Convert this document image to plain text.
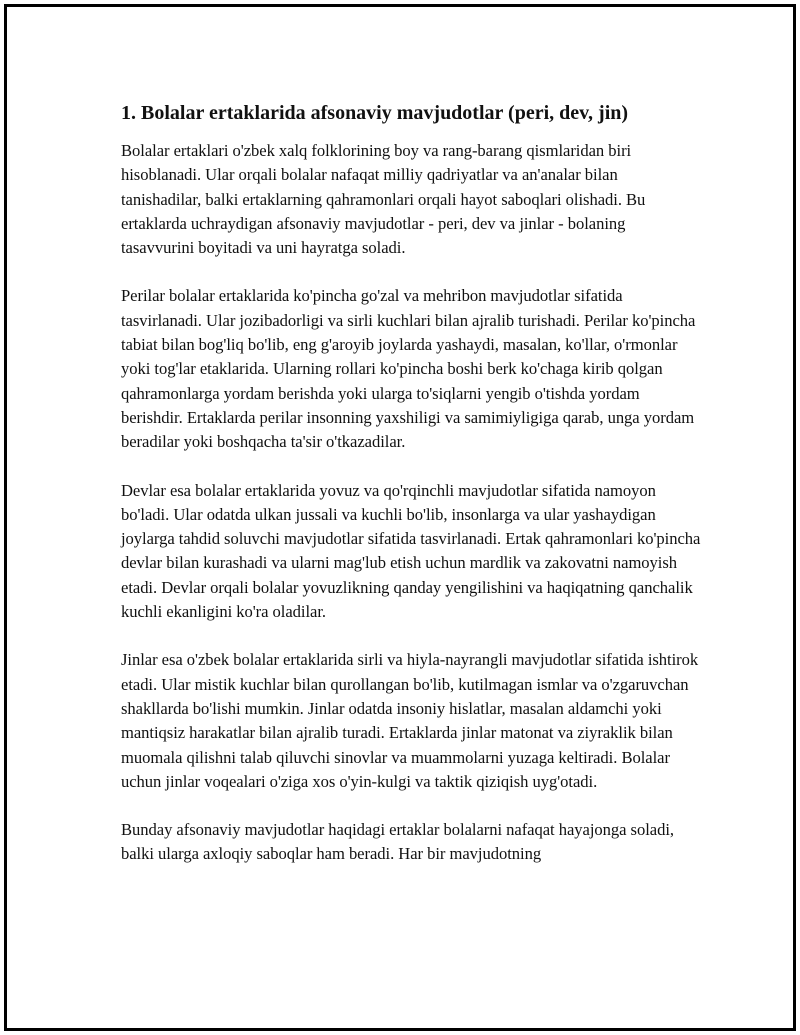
1. Bolalar ertaklarida afsonaviy mavjudotlar (peri, dev, jin)

Bolalar ertaklari o'zbek xalq folklorining boy va rang-barang qismlaridan biri hisoblanadi. Ular orqali bolalar nafaqat milliy qadriyatlar va an'analar bilan tanishadilar, balki ertaklarning qahramonlari orqali hayot saboqlari olishadi. Bu ertaklarda uchraydigan afsonaviy mavjudotlar - peri, dev va jinlar - bolaning tasavvurini boyitadi va uni hayratga soladi.

Perilar bolalar ertaklarida ko'pincha go'zal va mehribon mavjudotlar sifatida tasvirlanadi. Ular jozibadorligi va sirli kuchlari bilan ajralib turishadi. Perilar ko'pincha tabiat bilan bog'liq bo'lib, eng g'aroyib joylarda yashaydi, masalan, ko'llar, o'rmonlar yoki tog'lar etaklarida. Ularning rollari ko'pincha boshi berk ko'chaga kirib qolgan qahramonlarga yordam berishda yoki ularga to'siqlarni yengib o'tishda yordam berishdir. Ertaklarda perilar insonning yaxshiligi va samimiyligiga qarab, unga yordam beradilar yoki boshqacha ta'sir o'tkazadilar.

Devlar esa bolalar ertaklarida yovuz va qo'rqinchli mavjudotlar sifatida namoyon bo'ladi. Ular odatda ulkan jussali va kuchli bo'lib, insonlarga va ular yashaydigan joylarga tahdid soluvchi mavjudotlar sifatida tasvirlanadi. Ertak qahramonlari ko'pincha devlar bilan kurashadi va ularni mag'lub etish uchun mardlik va zakovatni namoyish etadi. Devlar orqali bolalar yovuzlikning qanday yengilishini va haqiqatning qanchalik kuchli ekanligini ko'ra oladilar.

Jinlar esa o'zbek bolalar ertaklarida sirli va hiyla-nayrangli mavjudotlar sifatida ishtirok etadi. Ular mistik kuchlar bilan qurollangan bo'lib, kutilmagan ismlar va o'zgaruvchan shakllarda bo'lishi mumkin. Jinlar odatda insoniy hislatlar, masalan aldamchi yoki mantiqsiz harakatlar bilan ajralib turadi. Ertaklarda jinlar matonat va ziyraklik bilan muomala qilishni talab qiluvchi sinovlar va muammolarni yuzaga keltiradi. Bolalar uchun jinlar voqealari o'ziga xos o'yin-kulgi va taktik qiziqish uyg'otadi.

Bunday afsonaviy mavjudotlar haqidagi ertaklar bolalarni nafaqat hayajonga soladi, balki ularga axloqiy saboqlar ham beradi. Har bir mavjudotning
